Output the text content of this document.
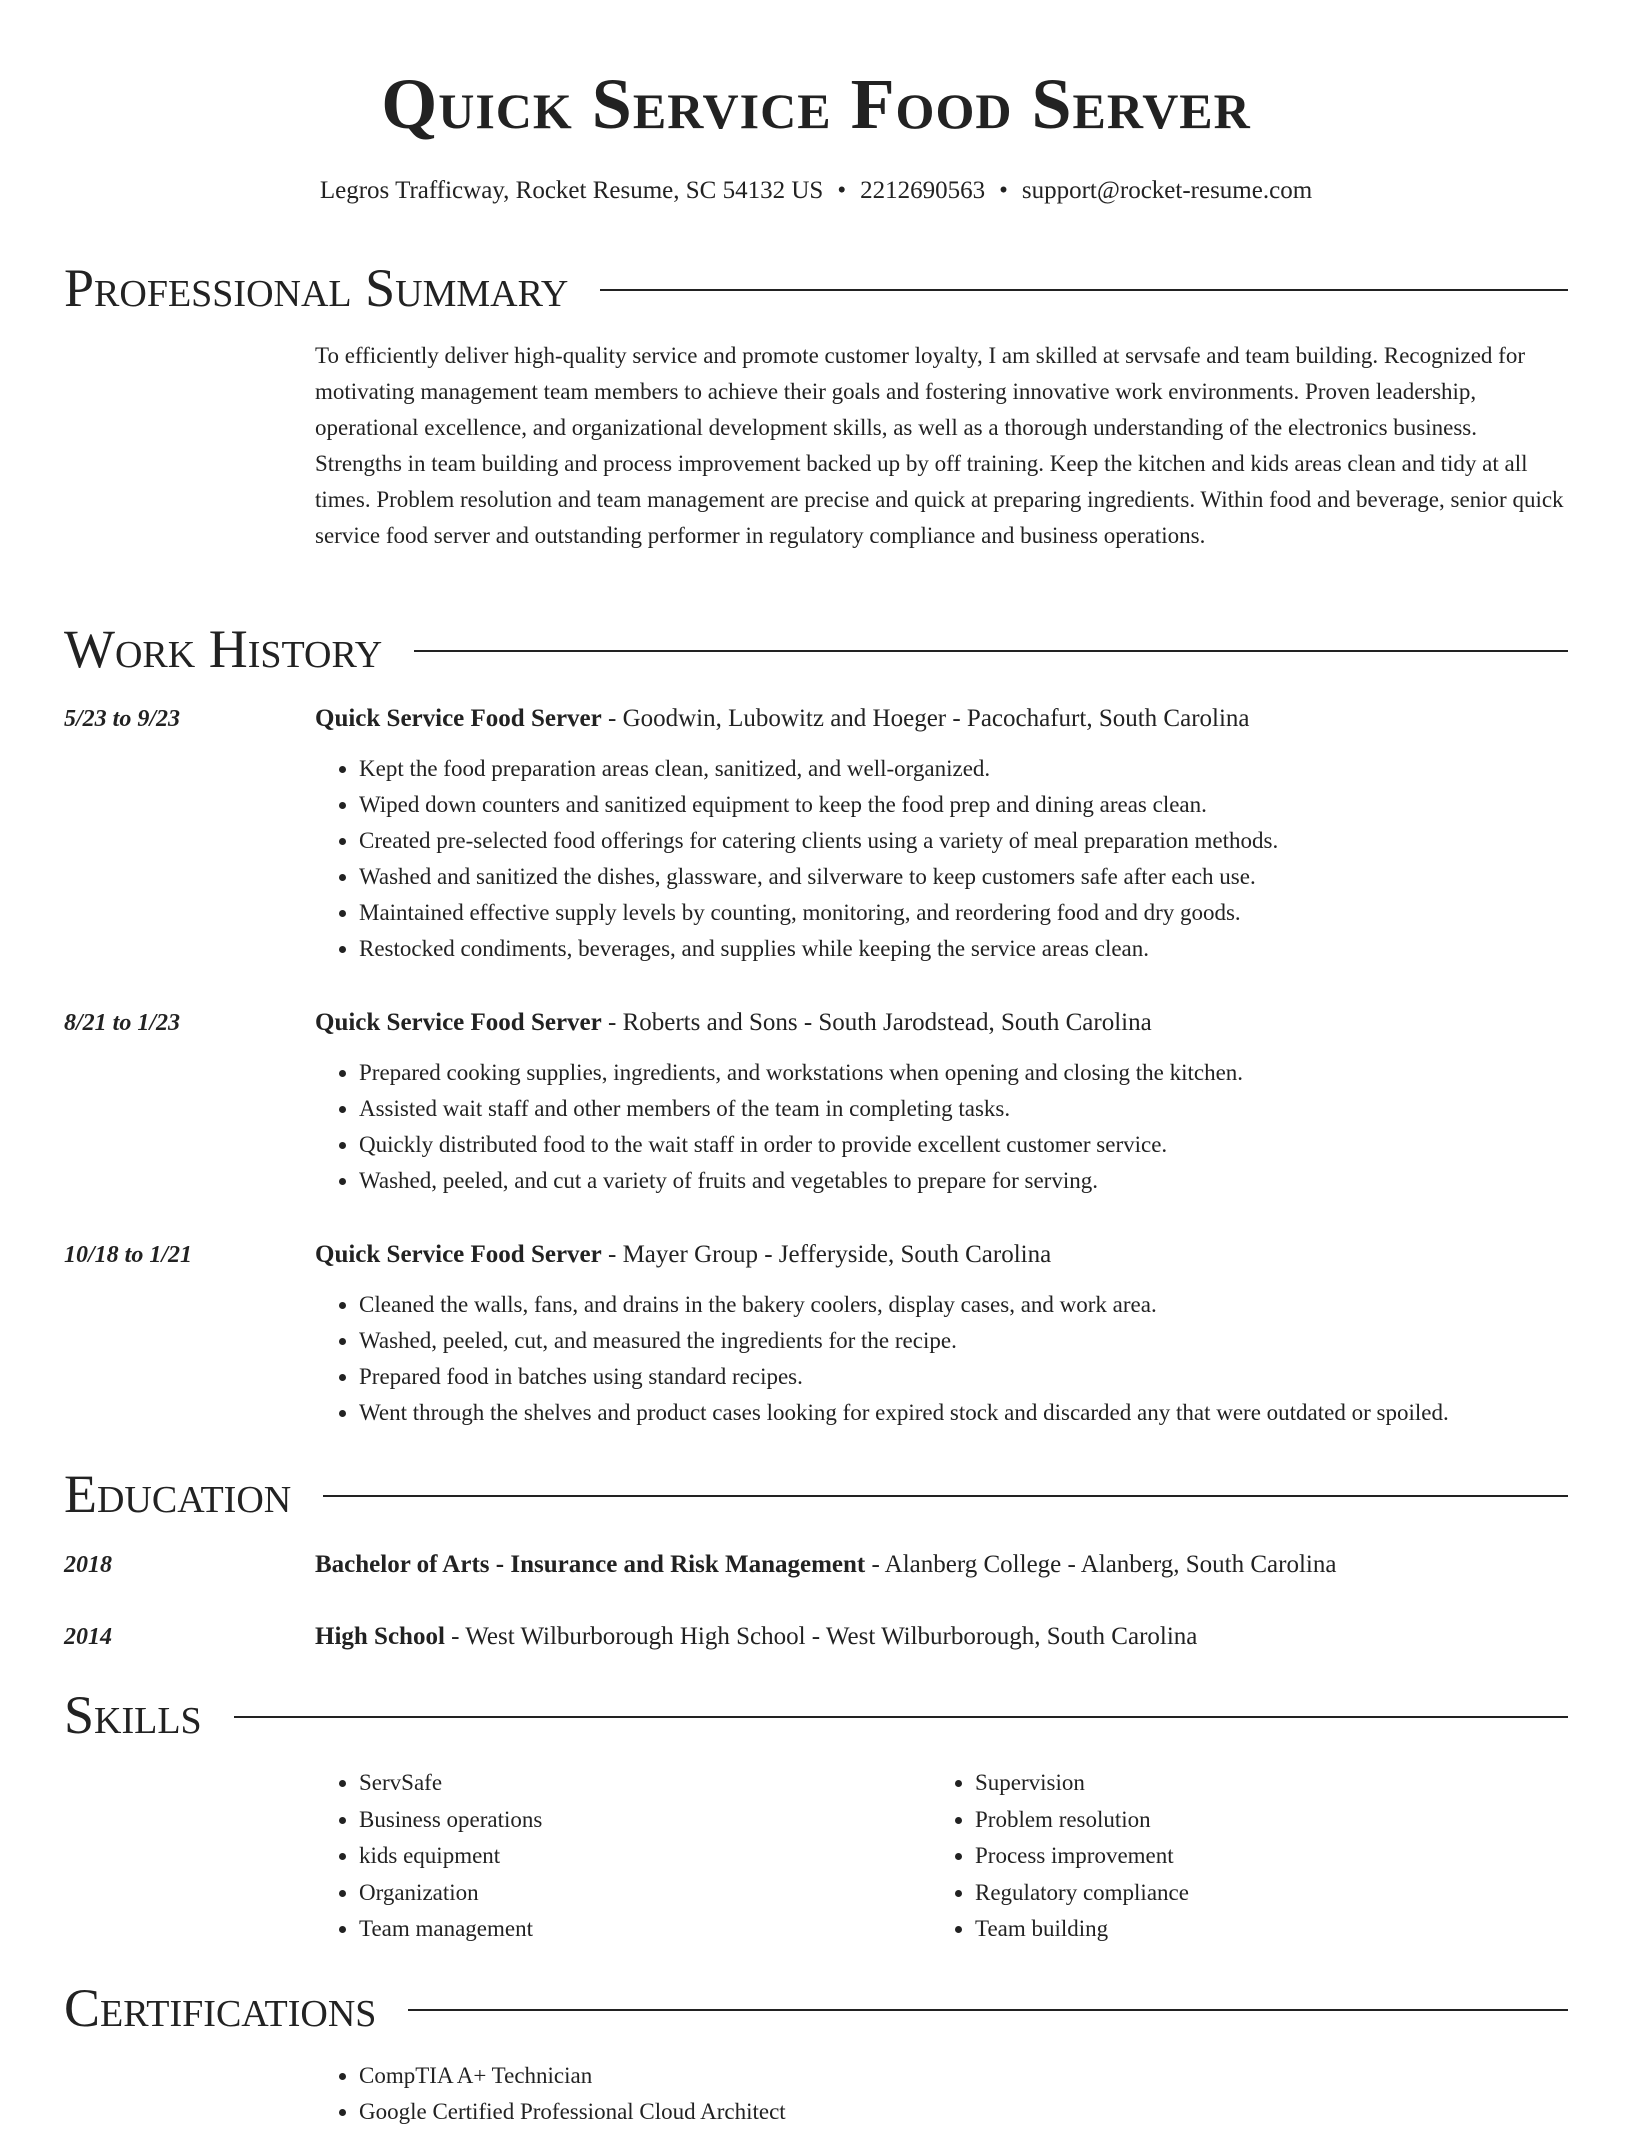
Quick Service Food Server
Legros Trafficway, Rocket Resume, SC 54132 US • 2212690563 • support@rocket-resume.com
Professional Summary
To efficiently deliver high-quality service and promote customer loyalty, I am skilled at servsafe and team building. Recognized for motivating management team members to achieve their goals and fostering innovative work environments. Proven leadership, operational excellence, and organizational development skills, as well as a thorough understanding of the electronics business. Strengths in team building and process improvement backed up by off training. Keep the kitchen and kids areas clean and tidy at all times. Problem resolution and team management are precise and quick at preparing ingredients. Within food and beverage, senior quick service food server and outstanding performer in regulatory compliance and business operations.
Work History
5/23 to 9/23	Quick Service Food Server - Goodwin, Lubowitz and Hoeger - Pacochafurt, South Carolina
• Kept the food preparation areas clean, sanitized, and well-organized.
• Wiped down counters and sanitized equipment to keep the food prep and dining areas clean.
• Created pre-selected food offerings for catering clients using a variety of meal preparation methods.
• Washed and sanitized the dishes, glassware, and silverware to keep customers safe after each use.
• Maintained effective supply levels by counting, monitoring, and reordering food and dry goods.
• Restocked condiments, beverages, and supplies while keeping the service areas clean.
8/21 to 1/23	Quick Service Food Server - Roberts and Sons - South Jarodstead, South Carolina
• Prepared cooking supplies, ingredients, and workstations when opening and closing the kitchen.
• Assisted wait staff and other members of the team in completing tasks.
• Quickly distributed food to the wait staff in order to provide excellent customer service.
• Washed, peeled, and cut a variety of fruits and vegetables to prepare for serving.
10/18 to 1/21	Quick Service Food Server - Mayer Group - Jefferyside, South Carolina
• Cleaned the walls, fans, and drains in the bakery coolers, display cases, and work area.
• Washed, peeled, cut, and measured the ingredients for the recipe.
• Prepared food in batches using standard recipes.
• Went through the shelves and product cases looking for expired stock and discarded any that were outdated or spoiled.
Education
2018	Bachelor of Arts - Insurance and Risk Management - Alanberg College - Alanberg, South Carolina
2014	High School - West Wilburborough High School - West Wilburborough, South Carolina
Skills
• ServSafe
• Business operations
• kids equipment
• Organization
• Team management
• Supervision
• Problem resolution
• Process improvement
• Regulatory compliance
• Team building
Certifications
• CompTIA A+ Technician
• Google Certified Professional Cloud Architect
